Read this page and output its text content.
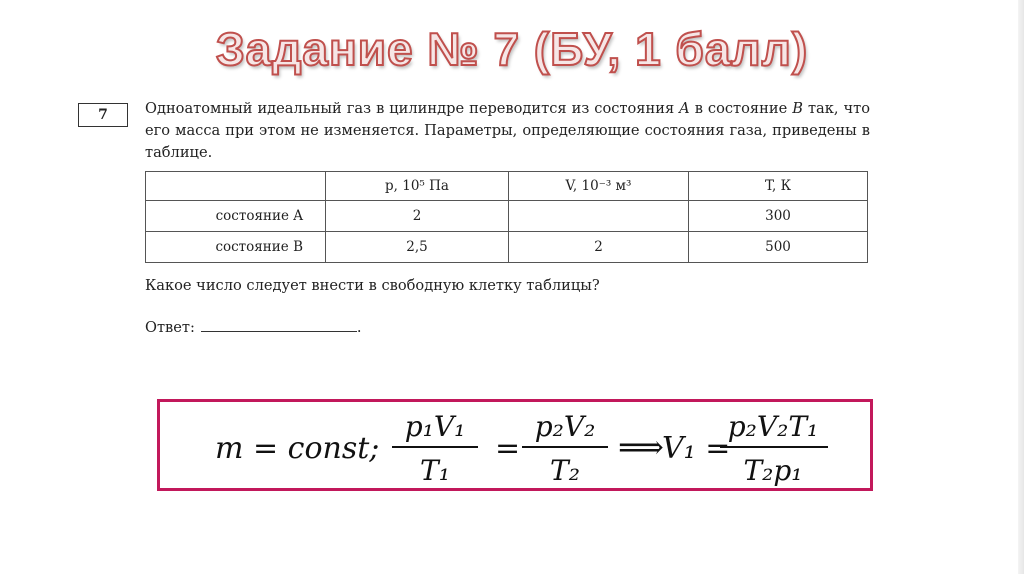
Задание № 7 (БУ, 1 балл)
7	Одноатомный идеальный газ в цилиндре переводится из состояния A в состояние B так, что его масса при этом не изменяется. Параметры, определяющие состояния газа, приведены в таблице.
	p, 10⁵ Па	V, 10⁻³ м³	T, К
состояние A	2		300
состояние B	2,5	2	500
Какое число следует внести в свободную клетку таблицы?
Ответ:	.
m = const;
p₁V₁
T₁
=
p₂V₂
T₂
⟹
V₁ =
p₂V₂T₁
T₂p₁
